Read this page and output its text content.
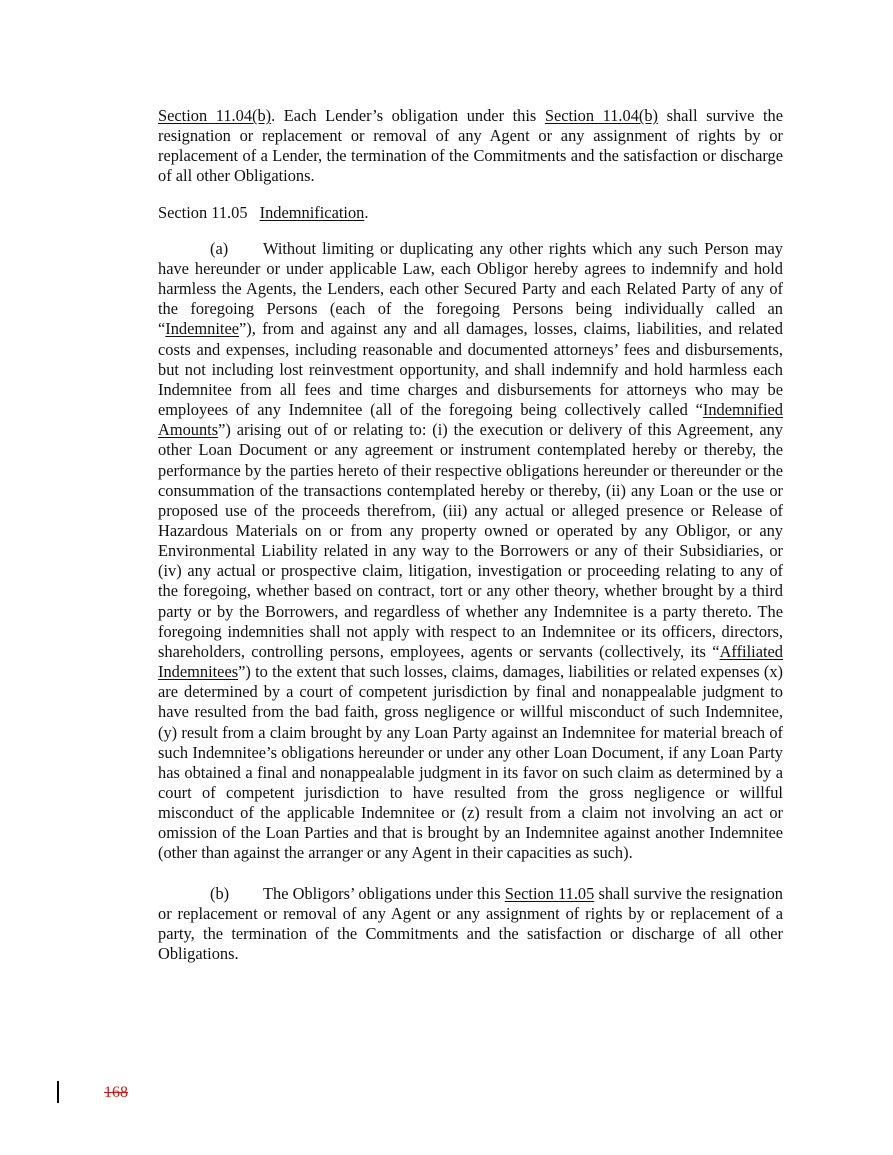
Section 11.04(b). Each Lender’s obligation under this Section 11.04(b) shall survive the resignation or replacement or removal of any Agent or any assignment of rights by or replacement of a Lender, the termination of the Commitments and the satisfaction or discharge of all other Obligations.

Section 11.05 Indemnification.

(a) Without limiting or duplicating any other rights which any such Person may have hereunder or under applicable Law, each Obligor hereby agrees to indemnify and hold harmless the Agents, the Lenders, each other Secured Party and each Related Party of any of the foregoing Persons (each of the foregoing Persons being individually called an “Indemnitee”), from and against any and all damages, losses, claims, liabilities, and related costs and expenses, including reasonable and documented attorneys’ fees and disbursements, but not including lost reinvestment opportunity, and shall indemnify and hold harmless each Indemnitee from all fees and time charges and disbursements for attorneys who may be employees of any Indemnitee (all of the foregoing being collectively called “Indemnified Amounts”) arising out of or relating to: (i) the execution or delivery of this Agreement, any other Loan Document or any agreement or instrument contemplated hereby or thereby, the performance by the parties hereto of their respective obligations hereunder or thereunder or the consummation of the transactions contemplated hereby or thereby, (ii) any Loan or the use or proposed use of the proceeds therefrom, (iii) any actual or alleged presence or Release of Hazardous Materials on or from any property owned or operated by any Obligor, or any Environmental Liability related in any way to the Borrowers or any of their Subsidiaries, or (iv) any actual or prospective claim, litigation, investigation or proceeding relating to any of the foregoing, whether based on contract, tort or any other theory, whether brought by a third party or by the Borrowers, and regardless of whether any Indemnitee is a party thereto. The foregoing indemnities shall not apply with respect to an Indemnitee or its officers, directors, shareholders, controlling persons, employees, agents or servants (collectively, its “Affiliated Indemnitees”) to the extent that such losses, claims, damages, liabilities or related expenses (x) are determined by a court of competent jurisdiction by final and nonappealable judgment to have resulted from the bad faith, gross negligence or willful misconduct of such Indemnitee, (y) result from a claim brought by any Loan Party against an Indemnitee for material breach of such Indemnitee’s obligations hereunder or under any other Loan Document, if any Loan Party has obtained a final and nonappealable judgment in its favor on such claim as determined by a court of competent jurisdiction to have resulted from the gross negligence or willful misconduct of the applicable Indemnitee or (z) result from a claim not involving an act or omission of the Loan Parties and that is brought by an Indemnitee against another Indemnitee (other than against the arranger or any Agent in their capacities as such).

(b) The Obligors’ obligations under this Section 11.05 shall survive the resignation or replacement or removal of any Agent or any assignment of rights by or replacement of a party, the termination of the Commitments and the satisfaction or discharge of all other Obligations.

168
